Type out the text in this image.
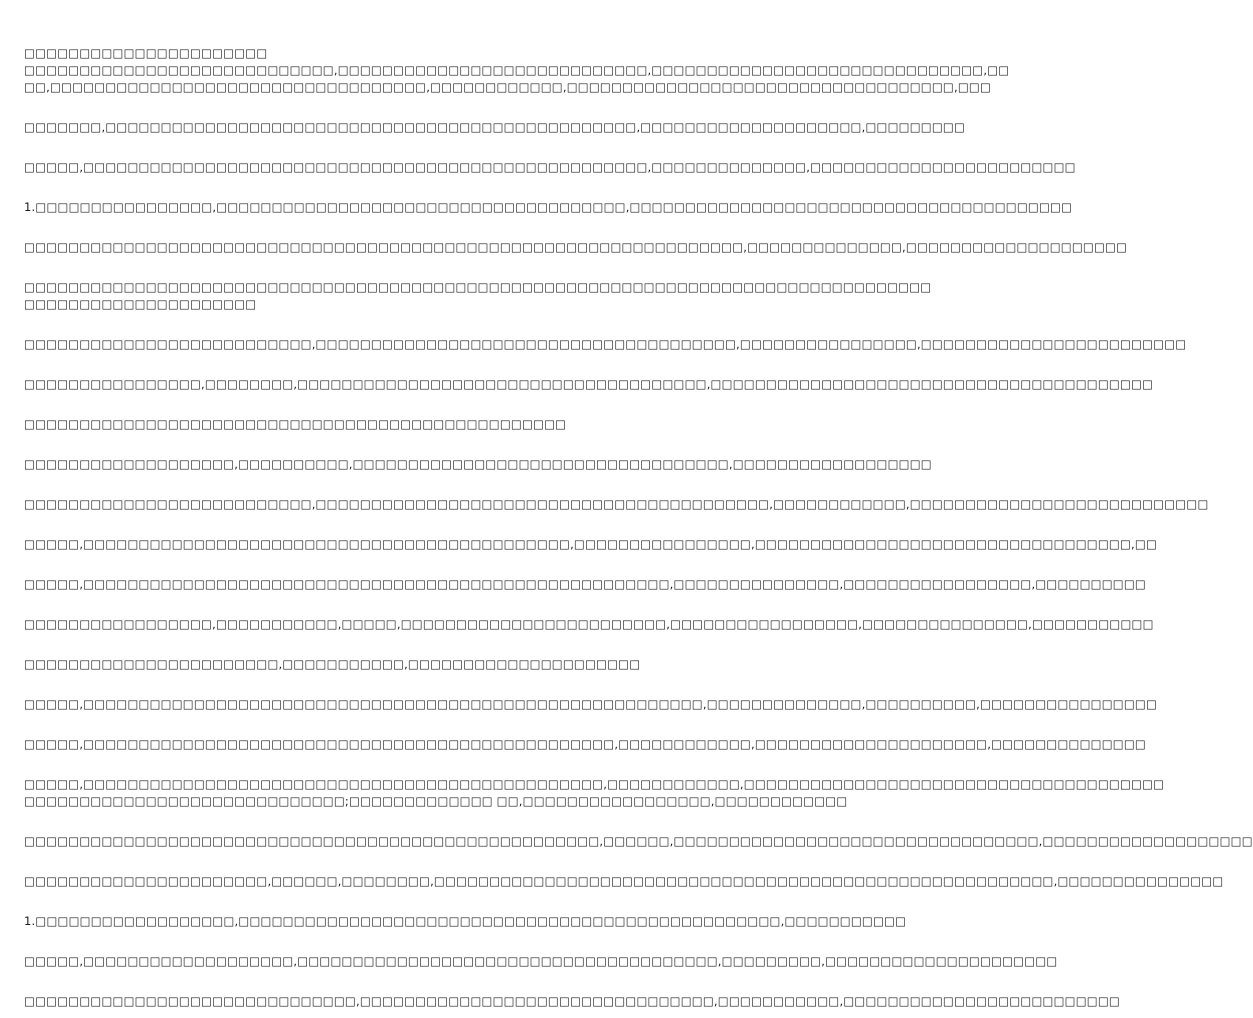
□□□□□□□□□□□□□□□□□□□□□□
□□□□□□□□□□□□□□□□□□□□□□□□□□□□,□□□□□□□□□□□□□□□□□□□□□□□□□□□□,□□□□□□□□□□□□□□□□□□□□□□□□□□□□□□,□□
□□,□□□□□□□□□□□□□□□□□□□□□□□□□□□□□□□□□□,□□□□□□□□□□□□,□□□□□□□□□□□□□□□□□□□□□□□□□□□□□□□□□□□,□□□
□□□□□□□,□□□□□□□□□□□□□□□□□□□□□□□□□□□□□□□□□□□□□□□□□□□□□□□□,□□□□□□□□□□□□□□□□□□□□,□□□□□□□□□
□□□□□,□□□□□□□□□□□□□□□□□□□□□□□□□□□□□□□□□□□□□□□□□□□□□□□□□□□,□□□□□□□□□□□□□□,□□□□□□□□□□□□□□□□□□□□□□□□
1.□□□□□□□□□□□□□□□□,□□□□□□□□□□□□□□□□□□□□□□□□□□□□□□□□□□□□□,□□□□□□□□□□□□□□□□□□□□□□□□□□□□□□□□□□□□□□□□
□□□□□□□□□□□□□□□□□□□□□□□□□□□□□□□□□□□□□□□□□□□□□□□□□□□□□□□□□□□□□□□□□,□□□□□□□□□□□□□□,□□□□□□□□□□□□□□□□□□□□
□□□□□□□□□□□□□□□□□□□□□□□□□□□□□□□□□□□□□□□□□□□□□□□□□□□□□□□□□□□□□□□□□□□□□□□□□□□□□□□□□□
□□□□□□□□□□□□□□□□□□□□□
□□□□□□□□□□□□□□□□□□□□□□□□□□,□□□□□□□□□□□□□□□□□□□□□□□□□□□□□□□□□□□□□□,□□□□□□□□□□□□□□□□,□□□□□□□□□□□□□□□□□□□□□□□□
□□□□□□□□□□□□□□□□,□□□□□□□□,□□□□□□□□□□□□□□□□□□□□□□□□□□□□□□□□□□□□□,□□□□□□□□□□□□□□□□□□□□□□□□□□□□□□□□□□□□□□□□
□□□□□□□□□□□□□□□□□□□□□□□□□□□□□□□□□□□□□□□□□□□□□□□□□
□□□□□□□□□□□□□□□□□□□,□□□□□□□□□□,□□□□□□□□□□□□□□□□□□□□□□□□□□□□□□□□□□,□□□□□□□□□□□□□□□□□□
□□□□□□□□□□□□□□□□□□□□□□□□□□,□□□□□□□□□□□□□□□□□□□□□□□□□□□□□□□□□□□□□□□□□,□□□□□□□□□□□□,□□□□□□□□□□□□□□□□□□□□□□□□□□□
□□□□□,□□□□□□□□□□□□□□□□□□□□□□□□□□□□□□□□□□□□□□□□□□□□,□□□□□□□□□□□□□□□□,□□□□□□□□□□□□□□□□□□□□□□□□□□□□□□□□□□,□□
□□□□□,□□□□□□□□□□□□□□□□□□□□□□□□□□□□□□□□□□□□□□□□□□□□□□□□□□□□□,□□□□□□□□□□□□□□□,□□□□□□□□□□□□□□□□□,□□□□□□□□□□
□□□□□□□□□□□□□□□□□,□□□□□□□□□□□,□□□□□,□□□□□□□□□□□□□□□□□□□□□□□□,□□□□□□□□□□□□□□□□□,□□□□□□□□□□□□□□□,□□□□□□□□□□□
□□□□□□□□□□□□□□□□□□□□□□□,□□□□□□□□□□□,□□□□□□□□□□□□□□□□□□□□□
□□□□□,□□□□□□□□□□□□□□□□□□□□□□□□□□□□□□□□□□□□□□□□□□□□□□□□□□□□□□□□,□□□□□□□□□□□□□□,□□□□□□□□□□,□□□□□□□□□□□□□□□□
□□□□□,□□□□□□□□□□□□□□□□□□□□□□□□□□□□□□□□□□□□□□□□□□□□□□□□,□□□□□□□□□□□□,□□□□□□□□□□□□□□□□□□□□□,□□□□□□□□□□□□□□
□□□□□,□□□□□□□□□□□□□□□□□□□□□□□□□□□□□□□□□□□□□□□□□□□□□□□,□□□□□□□□□□□□,□□□□□□□□□□□□□□□□□□□□□□□□□□□□□□□□□□□□□□
□□□□□□□□□□□□□□□□□□□□□□□□□□□□□;□□□□□□□□□□□□□ □□,□□□□□□□□□□□□□□□□□,□□□□□□□□□□□□
□□□□□□□□□□□□□□□□□□□□□□□□□□□□□□□□□□□□□□□□□□□□□□□□□□□□,□□□□□□,□□□□□□□□□□□□□□□□□□□□□□□□□□□□□□□□□,□□□□□□□□□□□□□□□□□□□
□□□□□□□□□□□□□□□□□□□□□□,□□□□□□,□□□□□□□□,□□□□□□□□□□□□□□□□□□□□□□□□□□□□□□□□□□□□□□□□□□□□□□□□□□□□□□□□,□□□□□□□□□□□□□□□
1.□□□□□□□□□□□□□□□□□□,□□□□□□□□□□□□□□□□□□□□□□□□□□□□□□□□□□□□□□□□□□□□□□□□□,□□□□□□□□□□□
□□□□□,□□□□□□□□□□□□□□□□□□□,□□□□□□□□□□□□□□□□□□□□□□□□□□□□□□□□□□□□□□,□□□□□□□□□,□□□□□□□□□□□□□□□□□□□□□
□□□□□□□□□□□□□□□□□□□□□□□□□□□□□□,□□□□□□□□□□□□□□□□□□□□□□□□□□□□□□□□,□□□□□□□□□□□,□□□□□□□□□□□□□□□□□□□□□□□□□
